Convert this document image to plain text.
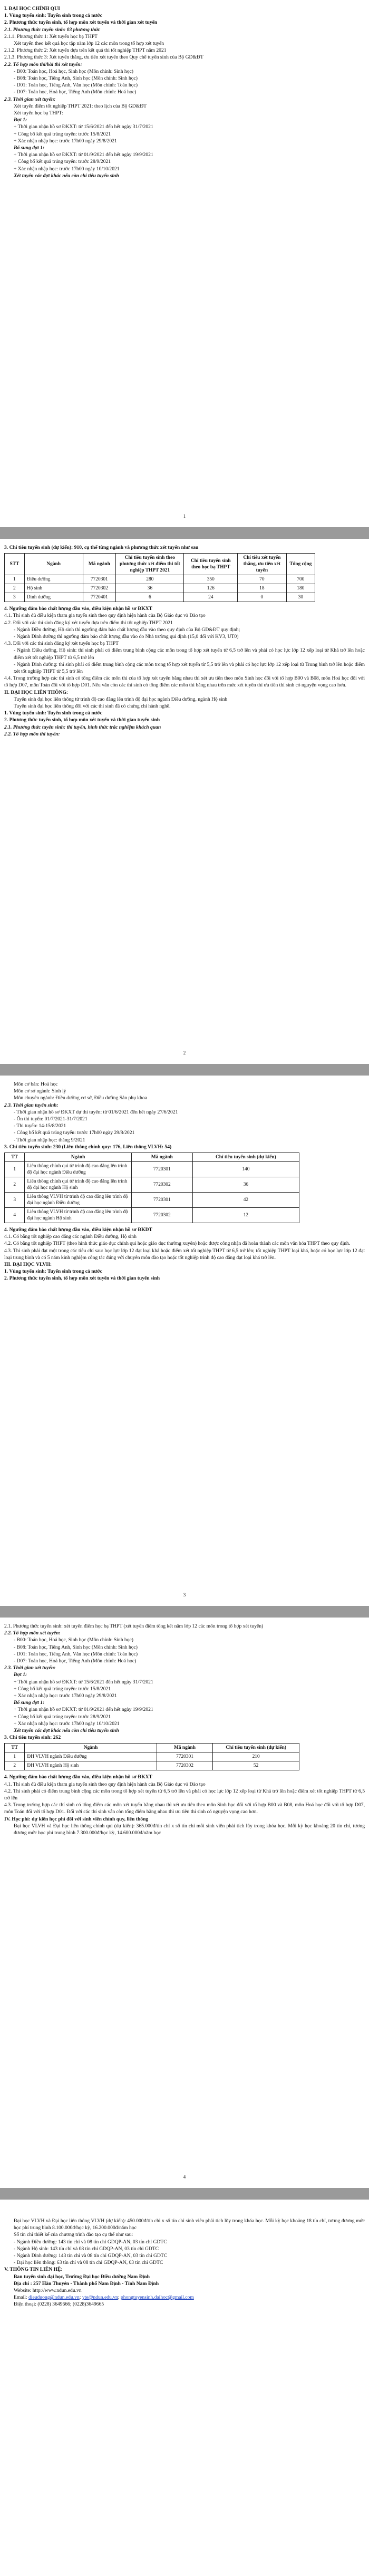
I. ĐẠI HỌC CHÍNH QUI

1. Vùng tuyển sinh: Tuyển sinh trong cả nước

2. Phương thức tuyển sinh, tổ hợp môn xét tuyển và thời gian xét tuyển

2.1. Phương thức tuyển sinh: 03 phương thức

2.1.1. Phương thức 1: Xét tuyển học bạ THPT

Xét tuyển theo kết quả học tập năm lớp 12 các môn trong tổ hợp xét tuyển

2.1.2. Phương thức 2: Xét tuyển dựa trên kết quả thi tốt nghiệp THPT năm 2021

2.1.3. Phương thức 3: Xét tuyển thẳng, ưu tiên xét tuyển theo Quy chế tuyển sinh của Bộ GD&ĐT

2.2. Tổ hợp môn thi/bài thi xét tuyển:

- B00: Toán học, Hoá học, Sinh học (Môn chính: Sinh học)

- B08: Toán học, Tiếng Anh, Sinh học (Môn chính: Sinh học)

- D01: Toán học, Tiếng Anh, Văn học (Môn chính: Toán học)

- D07: Toán học, Hoá học, Tiếng Anh (Môn chính: Hoá học)

2.3. Thời gian xét tuyển:

Xét tuyển điểm tốt nghiệp THPT 2021: theo lịch của Bộ GD&ĐT

Xét tuyển học bạ THPT:

Đợt 1:

+ Thời gian nhận hồ sơ ĐKXT: từ 15/6/2021 đến hết ngày 31/7/2021

+ Công bố kết quả trúng tuyển: trước 15/8/2021

+ Xác nhận nhập học: trước 17h00 ngày 29/8/2021

Bổ sung đợt 1:

+ Thời gian nhận hồ sơ ĐKXT: từ 01/9/2021 đến hết ngày 19/9/2021

+ Công bố kết quả trúng tuyển: trước 28/9/2021

+ Xác nhận nhập học: trước 17h00 ngày 10/10/2021

Xét tuyển các đợt khác nếu còn chỉ tiêu tuyển sinh

1

3. Chỉ tiêu tuyển sinh (dự kiến): 910, cụ thể từng ngành và phương thức xét tuyển như sau

STT	Ngành	Mã ngành	Chỉ tiêu tuyển sinh theo phương thức xét điểm thi tốt nghiệp THPT 2021	Chỉ tiêu tuyển sinh theo học bạ THPT	Chỉ tiêu xét tuyển thẳng, ưu tiên xét tuyển	Tổng cộng
1	Điều dưỡng	7720301	280	350	70	700
2	Hộ sinh	7720302	36	126	18	180
3	Dinh dưỡng	7720401	6	24	0	30

4. Ngưỡng đảm bảo chất lượng đầu vào, điều kiện nhận hồ sơ ĐKXT

4.1. Thí sinh đủ điều kiện tham gia tuyển sinh theo quy định hiện hành của Bộ Giáo dục và Đào tạo

4.2. Đối với các thí sinh đăng ký xét tuyển dựa trên điểm thi tốt nghiệp THPT 2021

- Ngành Điều dưỡng, Hộ sinh thì ngưỡng đảm bảo chất lượng đầu vào theo quy định của Bộ GD&ĐT quy định;

- Ngành Dinh dưỡng thì ngưỡng đảm bảo chất lượng đầu vào do Nhà trường qui định (15,0 đối với KV3, UT0)

4.3. Đối với các thí sinh đăng ký xét tuyển học bạ THPT

- Ngành Điều dưỡng, Hộ sinh: thí sinh phải có điểm trung bình cộng các môn trong tổ hợp xét tuyển từ 6,5 trở lên và phải có học lực lớp 12 xếp loại từ Khá trở lên hoặc điểm xét tốt nghiệp THPT từ 6,5 trở lên

- Ngành Dinh dưỡng: thí sinh phải có điểm trung bình cộng các môn trong tổ hợp xét tuyển từ 5,5 trở lên và phải có học lực lớp 12 xếp loại từ Trung bình trở lên hoặc điểm xét tốt nghiệp THPT từ 5,5 trở lên

4.4. Trong trường hợp các thí sinh có tổng điểm các môn thi của tổ hợp xét tuyển bằng nhau thì xét ưu tiên theo môn Sinh học đối với tổ hợp B00 và B08, môn Hoá học đối với tổ hợp D07, môn Toán đối với tổ hợp D01. Nếu vẫn còn các thí sinh có tổng điểm các môn thi bằng nhau trên mức xét tuyển thì ưu tiên thí sinh có nguyện vọng cao hơn.

II. ĐẠI HỌC LIÊN THÔNG:

Tuyển sinh đại học liên thông từ trình độ cao đẳng lên trình độ đại học ngành Điều dưỡng, ngành Hộ sinh

Tuyển sinh đại học liên thông đối với các thí sinh đã có chứng chỉ hành nghề.

1. Vùng tuyển sinh: Tuyển sinh trong cả nước

2. Phương thức tuyển sinh, tổ hợp môn xét tuyển và thời gian tuyển sinh

2.1. Phương thức tuyển sinh: thi tuyển, hình thức trắc nghiệm khách quan

2.2. Tổ hợp môn thi tuyển:

2

Môn cơ bản: Hoá học

Môn cơ sở ngành: Sinh lý

Môn chuyên ngành: Điều dưỡng cơ sở, Điều dưỡng Sản phụ khoa

2.3. Thời gian tuyển sinh:

- Thời gian nhận hồ sơ ĐKXT dự thi tuyển: từ 01/6/2021 đến hết ngày 27/6/2021

- Ôn thi tuyển: 01/7/2021-31/7/2021

- Thi tuyển: 14-15/8/2021

- Công bố kết quả trúng tuyển: trước 17h00 ngày 29/8/2021

- Thời gian nhập học: tháng 9/2021

3. Chỉ tiêu tuyển sinh: 230 (Liên thông chính quy: 176, Liên thông VLVH: 54)

TT	Ngành	Mã ngành	Chỉ tiêu tuyển sinh (dự kiến)
1	Liên thông chính qui từ trình độ cao đẳng lên trình độ đại học ngành Điều dưỡng	7720301	140
2	Liên thông chính qui từ trình độ cao đẳng lên trình độ đại học ngành Hộ sinh	7720302	36
3	Liên thông VLVH từ trình độ cao đẳng lên trình độ đại học ngành Điều dưỡng	7720301	42
4	Liên thông VLVH từ trình độ cao đẳng lên trình độ đại học ngành Hộ sinh	7720302	12

4. Ngưỡng đảm bảo chất lượng đầu vào, điều kiện nhận hồ sơ ĐKDT

4.1. Có bằng tốt nghiệp cao đẳng các ngành Điều dưỡng, Hộ sinh

4.2. Có bằng tốt nghiệp THPT (theo hình thức giáo dục chính qui hoặc giáo dục thường xuyên) hoặc được công nhận đã hoàn thành các môn văn hóa THPT theo quy định.

4.3. Thí sinh phải đạt một trong các tiêu chí sau: học lực lớp 12 đạt loại khá hoặc điểm xét tốt nghiệp THPT từ 6,5 trở lên; tốt nghiệp THPT loại khá, hoặc có học lực lớp 12 đạt loại trung bình và có 5 năm kinh nghiệm công tác đúng với chuyên môn đào tạo hoặc tốt nghiệp trình độ cao đẳng đạt loại khá trở lên.

III. ĐẠI HỌC VLVH:

1. Vùng tuyển sinh: Tuyển sinh trong cả nước

2. Phương thức tuyển sinh, tổ hợp môn xét tuyển và thời gian tuyển sinh

3

2.1. Phương thức tuyển sinh: xét tuyển điểm học bạ THPT (xét tuyển điểm tổng kết năm lớp 12 các môn trong tổ hợp xét tuyển)

2.2. Tổ hợp môn xét tuyển:

- B00: Toán học, Hoá học, Sinh học (Môn chính: Sinh học)

- B08: Toán học, Tiếng Anh, Sinh học (Môn chính: Sinh học)

- D01: Toán học, Tiếng Anh, Văn học (Môn chính: Toán học)

- D07: Toán học, Hoá học, Tiếng Anh (Môn chính: Hoá học)

2.3. Thời gian xét tuyển:

Đợt 1:

+ Thời gian nhận hồ sơ ĐKXT: từ 15/6/2021 đến hết ngày 31/7/2021

+ Công bố kết quả trúng tuyển: trước 15/8/2021

+ Xác nhận nhập học: trước 17h00 ngày 29/8/2021

Bổ sung đợt 1:

+ Thời gian nhận hồ sơ ĐKXT: từ 01/9/2021 đến hết ngày 19/9/2021

+ Công bố kết quả trúng tuyển: trước 28/9/2021

+ Xác nhận nhập học: trước 17h00 ngày 10/10/2021

Xét tuyển các đợt khác nếu còn chỉ tiêu tuyển sinh

3. Chỉ tiêu tuyển sinh: 262

TT	Ngành	Mã ngành	Chỉ tiêu tuyển sinh (dự kiến)
1	ĐH VLVH ngành Điều dưỡng	7720301	210
2	ĐH VLVH ngành Hộ sinh	7720302	52

4. Ngưỡng đảm bảo chất lượng đầu vào, điều kiện nhận hồ sơ ĐKXT

4.1. Thí sinh đủ điều kiện tham gia tuyển sinh theo quy định hiện hành của Bộ Giáo dục và Đào tạo

4.2. Thí sinh phải có điểm trung bình cộng các môn trong tổ hợp xét tuyển từ 6,5 trở lên và phải có học lực lớp 12 xếp loại từ Khá trở lên hoặc điểm xét tốt nghiệp THPT từ 6,5 trở lên

4.3. Trong trường hợp các thí sinh có tổng điểm các môn xét tuyển bằng nhau thì xét ưu tiên theo môn Sinh học đối với tổ hợp B00 và B08, môn Hoá học đối với tổ hợp D07, môn Toán đối với tổ hợp D01. Đối với các thí sinh vẫn còn tổng điểm bằng nhau thì ưu tiên thí sinh có nguyện vọng cao hơn.

IV. Học phí: dự kiến học phí đối với sinh viên chính quy, liên thông

Đại học VLVH và Đại học liên thông chính qui (dự kiến): 365.000đ/tín chỉ x số tín chỉ mỗi sinh viên phải tích lũy trong khóa học. Mỗi kỳ học khoảng 20 tín chỉ, tương đương mức học phí trung bình 7.300.000đ/học kỳ, 14.600.000đ/năm học

4

Đại học VLVH và Đại học liên thông VLVH (dự kiến): 450.000đ/tín chỉ x số tín chỉ sinh viên phải tích lũy trong khóa học. Mỗi kỳ học khoảng 18 tín chỉ, tương đương mức học phí trung bình 8.100.000đ/học kỳ, 16.200.000đ/năm học

Số tín chỉ thiết kế của chương trình đào tạo cụ thể như sau:

- Ngành Điều dưỡng: 143 tín chỉ và 08 tín chỉ GDQP-AN, 03 tín chỉ GDTC

- Ngành Hộ sinh: 143 tín chỉ và 08 tín chỉ GDQP-AN, 03 tín chỉ GDTC

- Ngành Dinh dưỡng: 143 tín chỉ và 08 tín chỉ GDQP-AN, 03 tín chỉ GDTC

- Đại học liên thông: 63 tín chỉ và 08 tín chỉ GDQP-AN, 03 tín chỉ GDTC

V. THÔNG TIN LIÊN HỆ:

Ban tuyển sinh đại học, Trường Đại học Điều dưỡng Nam Định

Địa chỉ : 257 Hàn Thuyên - Thành phố Nam Định - Tỉnh Nam Định

Website: http://www.ndun.edu.vn

Email: dieuduong@ndun.edu.vn; yte@ndun.edu.vn; phongtuyensinh.daihoc@gmail.com

Điện thoại: (0228) 3649666; (0228)3649665
